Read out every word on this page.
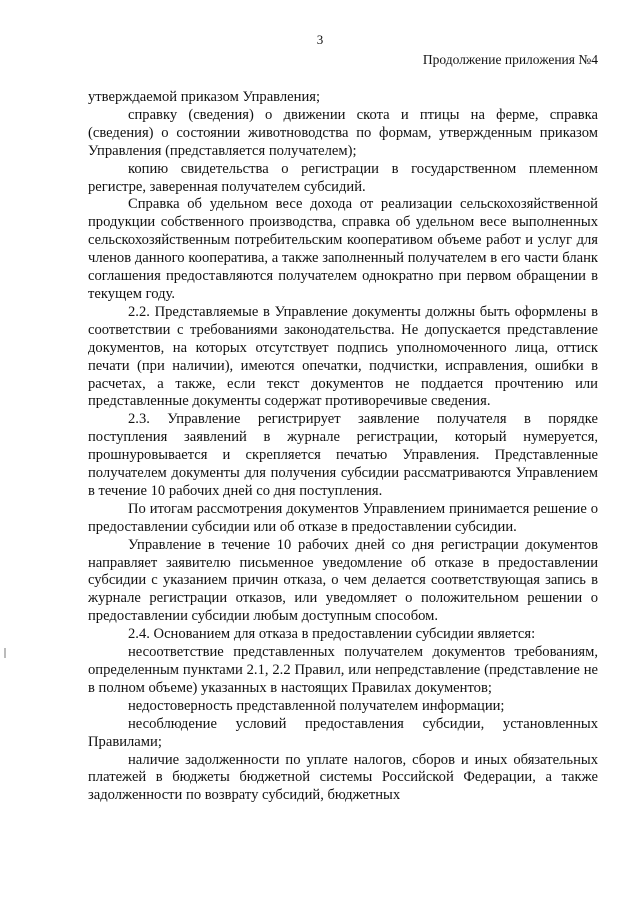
3
Продолжение приложения №4

утверждаемой приказом Управления;

справку (сведения) о движении скота и птицы на ферме, справка (сведения) о состоянии животноводства по формам, утвержденным приказом Управления (представляется получателем);

копию свидетельства о регистрации в государственном племенном регистре, заверенная получателем субсидий.

Справка об удельном весе дохода от реализации сельскохозяйственной продукции собственного производства, справка об удельном весе выполненных сельскохозяйственным потребительским кооперативом объеме работ и услуг для членов данного кооператива, а также заполненный получателем в его части бланк соглашения предоставляются получателем однократно при первом обращении в текущем году.

2.2. Представляемые в Управление документы должны быть оформлены в соответствии с требованиями законодательства. Не допускается представление документов, на которых отсутствует подпись уполномоченного лица, оттиск печати (при наличии), имеются опечатки, подчистки, исправления, ошибки в расчетах, а также, если текст документов не поддается прочтению или представленные документы содержат противоречивые сведения.

2.3. Управление регистрирует заявление получателя в порядке поступления заявлений в журнале регистрации, который нумеруется, прошнуровывается и скрепляется печатью Управления. Представленные получателем документы для получения субсидии рассматриваются Управлением в течение 10 рабочих дней со дня поступления.

По итогам рассмотрения документов Управлением принимается решение о предоставлении субсидии или об отказе в предоставлении субсидии.

Управление в течение 10 рабочих дней со дня регистрации документов направляет заявителю письменное уведомление об отказе в предоставлении субсидии с указанием причин отказа, о чем делается соответствующая запись в журнале регистрации отказов, или уведомляет о положительном решении о предоставлении субсидии любым доступным способом.

2.4. Основанием для отказа в предоставлении субсидии является:

несоответствие представленных получателем документов требованиям, определенным пунктами 2.1, 2.2 Правил, или непредставление (представление не в полном объеме) указанных в настоящих Правилах документов;

недостоверность представленной получателем информации;

несоблюдение условий предоставления субсидии, установленных Правилами;

наличие задолженности по уплате налогов, сборов и иных обязательных платежей в бюджеты бюджетной системы Российской Федерации, а также задолженности по возврату субсидий, бюджетных
